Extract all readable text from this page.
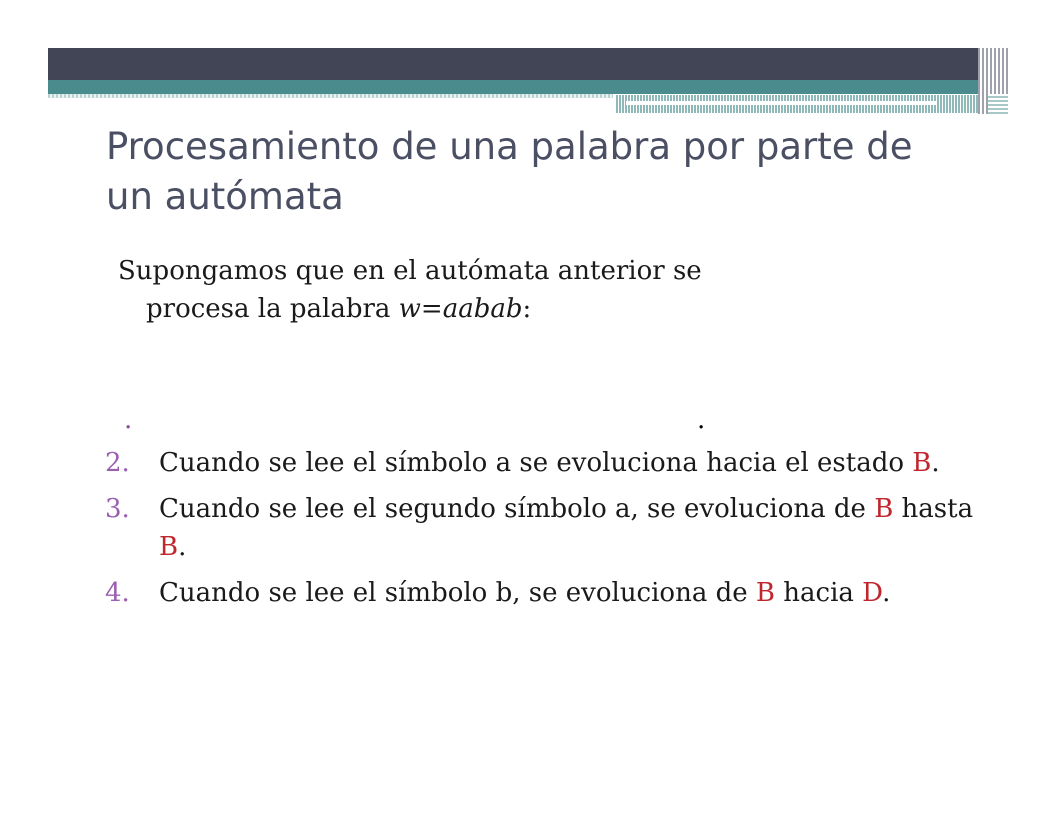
Procesamiento de una palabra por parte de un autómata
Supongamos que en el autómata anterior se
procesa la palabra w=aabab:
.	.
2. Cuando se lee el símbolo a se evoluciona hacia el estado B.
3. Cuando se lee el segundo símbolo a, se evoluciona de B hasta B.
4. Cuando se lee el símbolo b, se evoluciona de B hacia D.
